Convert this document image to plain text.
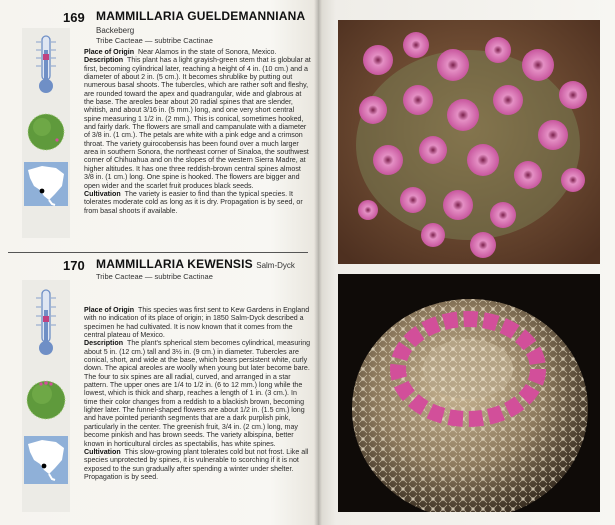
169 MAMMILLARIA GUELDEMANNIANA Backeberg
Tribe Cacteae — subtribe Cactinae

Place of Origin Near Alamos in the state of Sonora, Mexico.

Description This plant has a light grayish-green stem that is globular at first, becoming cylindrical later, reaching a height of 4 in. (10 cm.) and a diameter of about 2 in. (5 cm.). It becomes shrublike by putting out numerous basal shoots. The tubercles, which are rather soft and fleshy, are rounded toward the apex and quadrangular, wide and glabrous at the base. The areoles bear about 20 radial spines that are slender, whitish, and about 3/16 in. (5 mm.) long, and one very short central spine measuring 1 1/2 in. (2 mm.). This is conical, sometimes hooked, and fairly dark. The flowers are small and campanulate with a diameter of 3/8 in. (1 cm.). The petals are white with a pink edge and a crimson throat. The variety guirocobensis has been found over a much larger area in southern Sonora, the northeast corner of Sinaloa, the southwest corner of Chihuahua and on the slopes of the western Sierra Madre, at higher altitudes. It has one three reddish-brown central spines almost 3/8 in. (1 cm.) long. One spine is hooked. The flowers are bigger and open wider and the scarlet fruit produces black seeds.

Cultivation The variety is easier to find than the typical species. It tolerates moderate cold as long as it is dry. Propagation is by seed, or from basal shoots if available.

170 MAMMILLARIA KEWENSIS Salm-Dyck
Tribe Cacteae — subtribe Cactinae

Place of Origin This species was first sent to Kew Gardens in England with no indication of its place of origin; in 1850 Salm-Dyck described a specimen he had cultivated. It is now known that it comes from the central plateau of Mexico.

Description The plant's spherical stem becomes cylindrical, measuring about 5 in. (12 cm.) tall and 3½ in. (9 cm.) in diameter. Tubercles are conical, short, and wide at the base, which bears persistent white, curly down. The apical areoles are woolly when young but later become bare. The four to six spines are all radial, curved, and arranged in a star pattern. The upper ones are 1/4 to 1/2 in. (6 to 12 mm.) long while the lowest, which is thick and sharp, reaches a length of 1 in. (3 cm.). In time their color changes from a reddish to a blackish brown, becoming lighter later. The funnel-shaped flowers are about 1/2 in. (1.5 cm.) long and have pointed perianth segments that are a dark purplish pink, particularly in the center. The greenish fruit, 3/4 in. (2 cm.) long, may become pinkish and has brown seeds. The variety albispina, better known in horticultural circles as spectabilis, has white spines.

Cultivation This slow-growing plant tolerates cold but not frost. Like all species unprotected by spines, it is vulnerable to scorching if it is not exposed to the sun gradually after spending a winter under shelter. Propagation is by seed.
